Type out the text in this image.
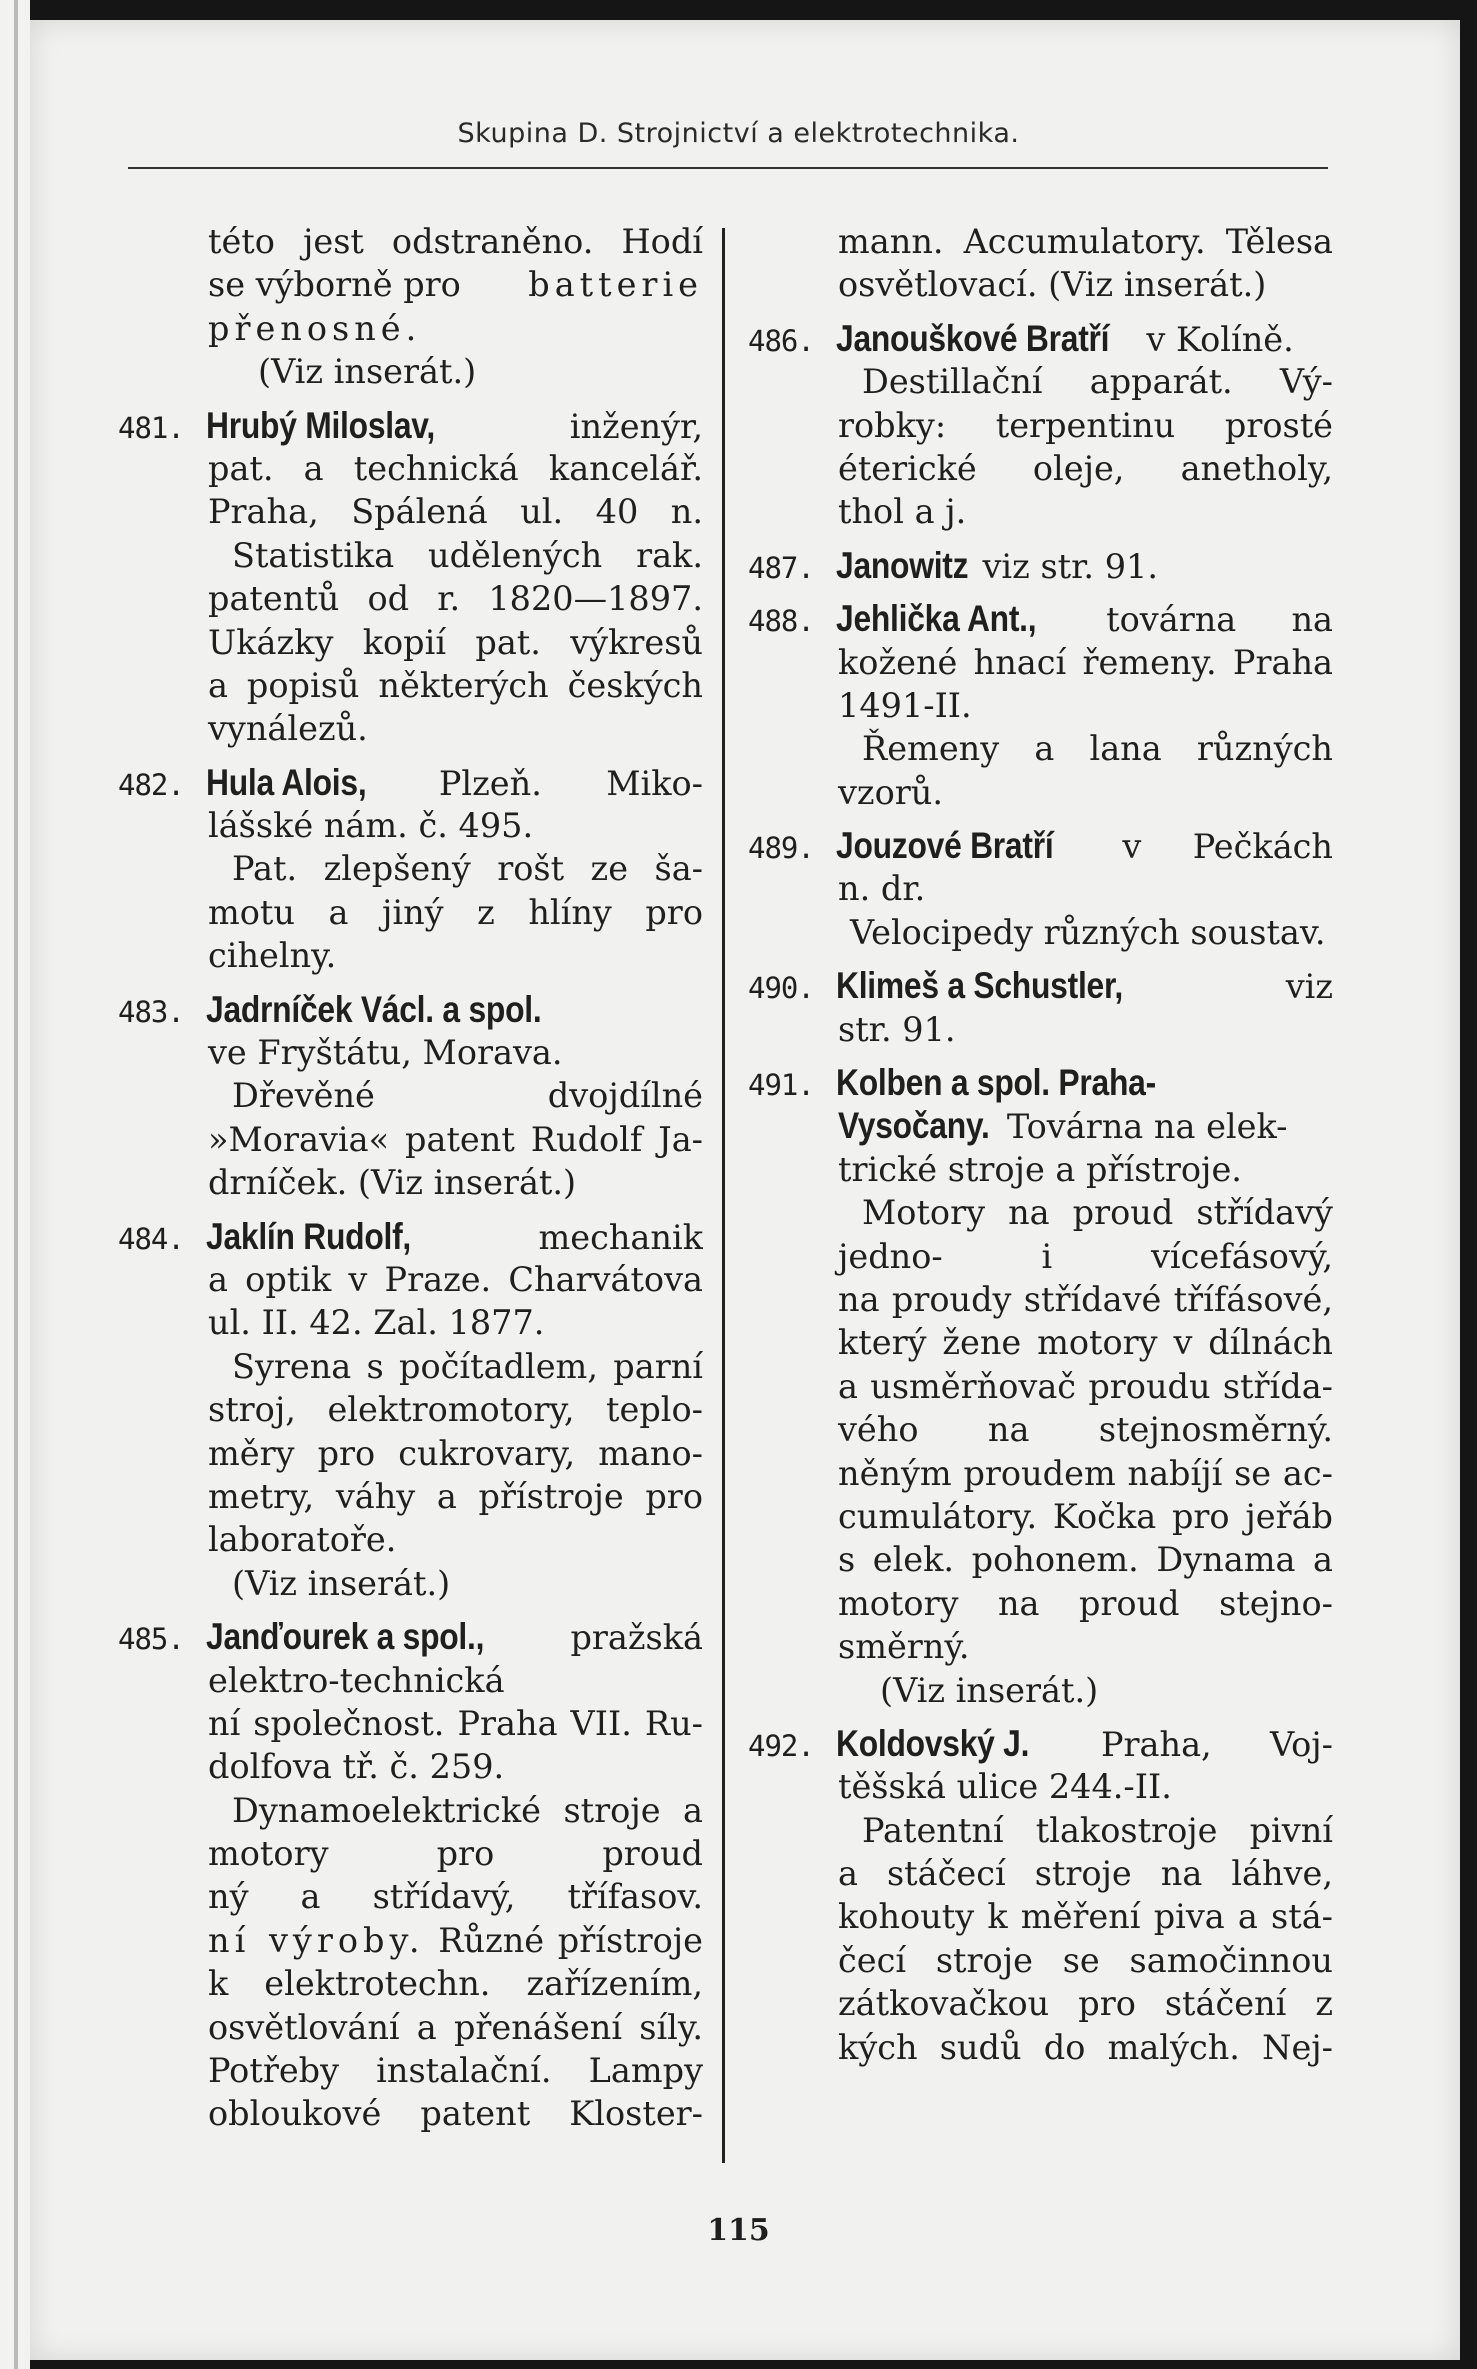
Skupina D. Strojnictví a elektrotechnika.
této jest odstraněno. Hodí
se výborně pro batterie
přenosné.
(Viz inserát.)
481. Hrubý Miloslav,	inženýr,
pat. a technická kancelář.
Praha, Spálená ul. 40 n.
Statistika udělených rak.
patentů od r. 1820—1897.
Ukázky kopií pat. výkresů
a popisů některých českých
vynálezů.
482. Hula Alois, Plzeň. Miko-
lášské nám. č. 495.
Pat. zlepšený rošt ze ša-
motu a jiný z hlíny pro
cihelny.
483. Jadrníček Václ. a spol.
ve Fryštátu, Morava.
Dřevěné dvojdílné
»Moravia« patent Rudolf Ja-
drníček. (Viz inserát.)
484. Jaklín Rudolf,	mechanik
a optik v Praze. Charvátova
ul. II. 42. Zal. 1877.
Syrena s počítadlem, parní
stroj, elektromotory, teplo-
měry pro cukrovary, mano-
metry, váhy a přístroje pro
laboratoře.
(Viz inserát.)
485. Janďourek a spol.,	pražská
elektro-technická
ní společnost. Praha VII. Ru-
dolfova tř. č. 259.
Dynamoelektrické stroje a
motory pro proud
ný a střídavý, třífasov.
ní výroby. Různé přístroje
k elektrotechn. zařízením,
osvětlování a přenášení síly.
Potřeby instalační. Lampy
obloukové patent Kloster-
mann. Accumulatory. Tělesa
osvětlovací. (Viz inserát.)
486. Janouškové Bratří v Kolíně.
Destillační apparát. Vý-
robky: terpentinu prosté
éterické oleje, anetholy,
thol a j.
487. Janowitz viz str. 91.
488. Jehlička Ant., továrna na
kožené hnací řemeny. Praha
1491-II.
Řemeny a lana různých
vzorů.
489. Jouzové Bratří v Pečkách
n. dr.
Velocipedy různých soustav.
490. Klimeš a Schustler,	viz
str. 91.
491. Kolben a spol. Praha-
Vysočany. Továrna na elek-
trické stroje a přístroje.
Motory na proud střídavý
jedno- i vícefásový,
na proudy střídavé třífásové,
který žene motory v dílnách
a usměrňovač proudu střída-
vého na stejnosměrný.
něným proudem nabíjí se ac-
cumulátory. Kočka pro jeřáb
s elek. pohonem. Dynama a
motory na proud stejno-
směrný.
(Viz inserát.)
492. Koldovský J. Praha, Voj-
těšská ulice 244.-II.
Patentní tlakostroje pivní
a stáčecí stroje na láhve,
kohouty k měření piva a stá-
čecí stroje se samočinnou
zátkovačkou pro stáčení z
kých sudů do malých. Nej-
115
